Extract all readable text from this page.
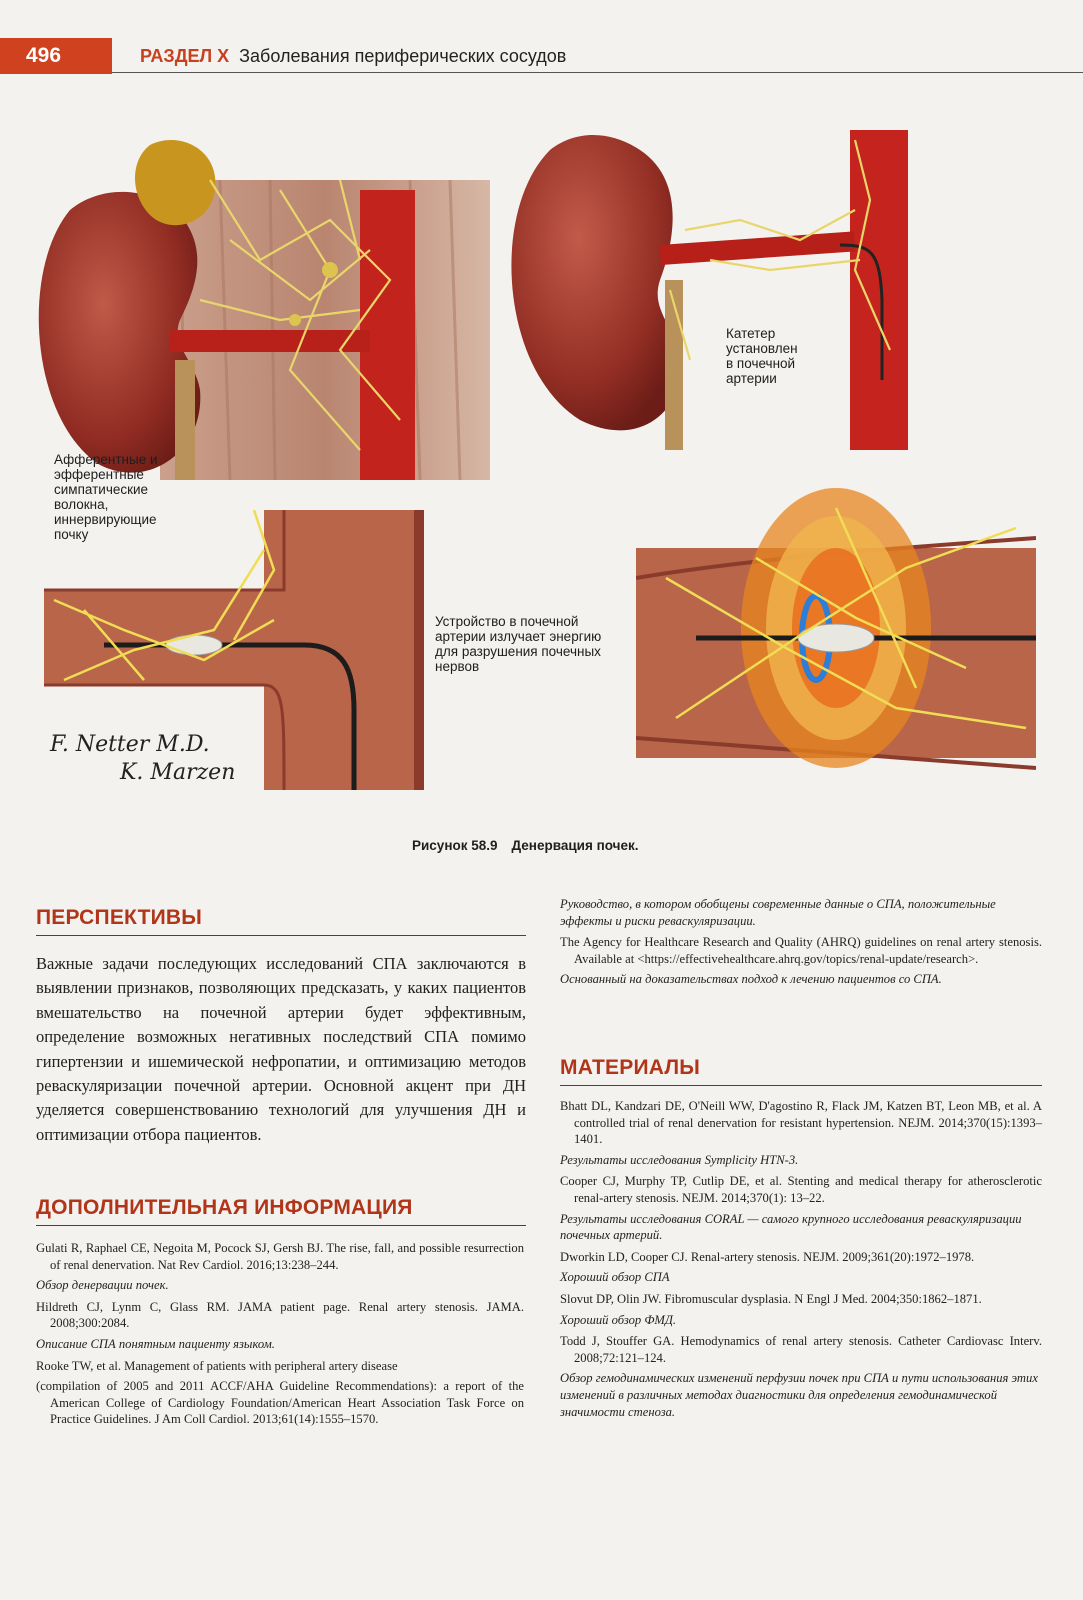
496	РАЗДЕЛ X Заболевания периферических сосудов
Катетер
установлен
в почечной
артерии
Афферентные и
эфферентные
симпатические
волокна,
иннервирующие
почку
Устройство в почечной
артерии излучает энергию
для разрушения почечных
нервов
F. Netter M.D.
K. Marzen
Рисунок 58.9 Денервация почек.
ПЕРСПЕКТИВЫ
Важные задачи последующих исследований СПА заключаются в выявлении признаков, позволяющих предсказать, у каких пациентов вмешательство на почечной артерии будет эффективным, определение возможных негативных последствий СПА помимо гипертензии и ишемической нефропатии, и оптимизацию методов реваскуляризации почечной артерии. Основной акцент при ДН уделяется совершенствованию технологий для улучшения ДН и оптимизации отбора пациентов.
ДОПОЛНИТЕЛЬНАЯ ИНФОРМАЦИЯ
Gulati R, Raphael CE, Negoita M, Pocock SJ, Gersh BJ. The rise, fall, and possible resurrection of renal denervation. Nat Rev Cardiol. 2016;13:238–244.
Обзор денервации почек.
Hildreth CJ, Lynm C, Glass RM. JAMA patient page. Renal artery stenosis. JAMA. 2008;300:2084.
Описание СПА понятным пациенту языком.
Rooke TW, et al. Management of patients with peripheral artery disease
(compilation of 2005 and 2011 ACCF/AHA Guideline Recommendations): a report of the American College of Cardiology Foundation/American Heart Association Task Force on Practice Guidelines. J Am Coll Cardiol. 2013;61(14):1555–1570.
Руководство, в котором обобщены современные данные о СПА, положительные эффекты и риски реваскуляризации.
The Agency for Healthcare Research and Quality (AHRQ) guidelines on renal artery stenosis. Available at <https://effectivehealthcare.ahrq.gov/topics/renal-update/research>.
Основанный на доказательствах подход к лечению пациентов со СПА.
МАТЕРИАЛЫ
Bhatt DL, Kandzari DE, O'Neill WW, D'agostino R, Flack JM, Katzen BT, Leon MB, et al. A controlled trial of renal denervation for resistant hypertension. NEJM. 2014;370(15):1393–1401.
Результаты исследования Symplicity HTN-3.
Cooper CJ, Murphy TP, Cutlip DE, et al. Stenting and medical therapy for atherosclerotic renal-artery stenosis. NEJM. 2014;370(1): 13–22.
Результаты исследования CORAL — самого крупного исследования реваскуляризации почечных артерий.
Dworkin LD, Cooper CJ. Renal-artery stenosis. NEJM. 2009;361(20):1972–1978.
Хороший обзор СПА
Slovut DP, Olin JW. Fibromuscular dysplasia. N Engl J Med. 2004;350:1862–1871.
Хороший обзор ФМД.
Todd J, Stouffer GA. Hemodynamics of renal artery stenosis. Catheter Cardiovasc Interv. 2008;72:121–124.
Обзор гемодинамических изменений перфузии почек при СПА и пути использования этих изменений в различных методах диагностики для определения гемодинамической значимости стеноза.
